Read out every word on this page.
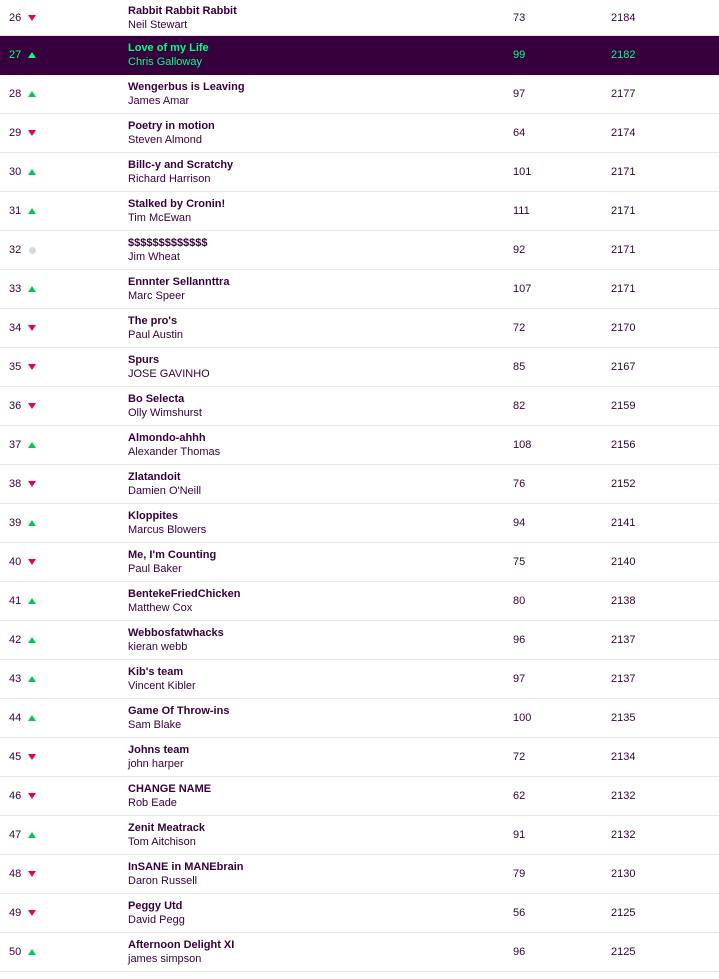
26
Rabbit Rabbit Rabbit
Neil Stewart
73	2184
27
Love of my Life
Chris Galloway
99	2182
28
Wengerbus is Leaving
James Amar
97	2177
29
Poetry in motion
Steven Almond
64	2174
30
Billc-y and Scratchy
Richard Harrison
101	2171
31
Stalked by Cronin!
Tim McEwan
111	2171
32
$$$$$$$$$$$$$
Jim Wheat
92	2171
33
Ennnter Sellannttra
Marc Speer
107	2171
34
The pro's
Paul Austin
72	2170
35
Spurs
JOSE GAVINHO
85	2167
36
Bo Selecta
Olly Wimshurst
82	2159
37
Almondo-ahhh
Alexander Thomas
108	2156
38
Zlatandoit
Damien O'Neill
76	2152
39
Kloppites
Marcus Blowers
94	2141
40
Me, I'm Counting
Paul Baker
75	2140
41
BentekeFriedChicken
Matthew Cox
80	2138
42
Webbosfatwhacks
kieran webb
96	2137
43
Kib's team
Vincent Kibler
97	2137
44
Game Of Throw-ins
Sam Blake
100	2135
45
Johns team
john harper
72	2134
46
CHANGE NAME
Rob Eade
62	2132
47
Zenit Meatrack
Tom Aitchison
91	2132
48
InSANE in MANEbrain
Daron Russell
79	2130
49
Peggy Utd
David Pegg
56	2125
50
Afternoon Delight XI
james simpson
96	2125
